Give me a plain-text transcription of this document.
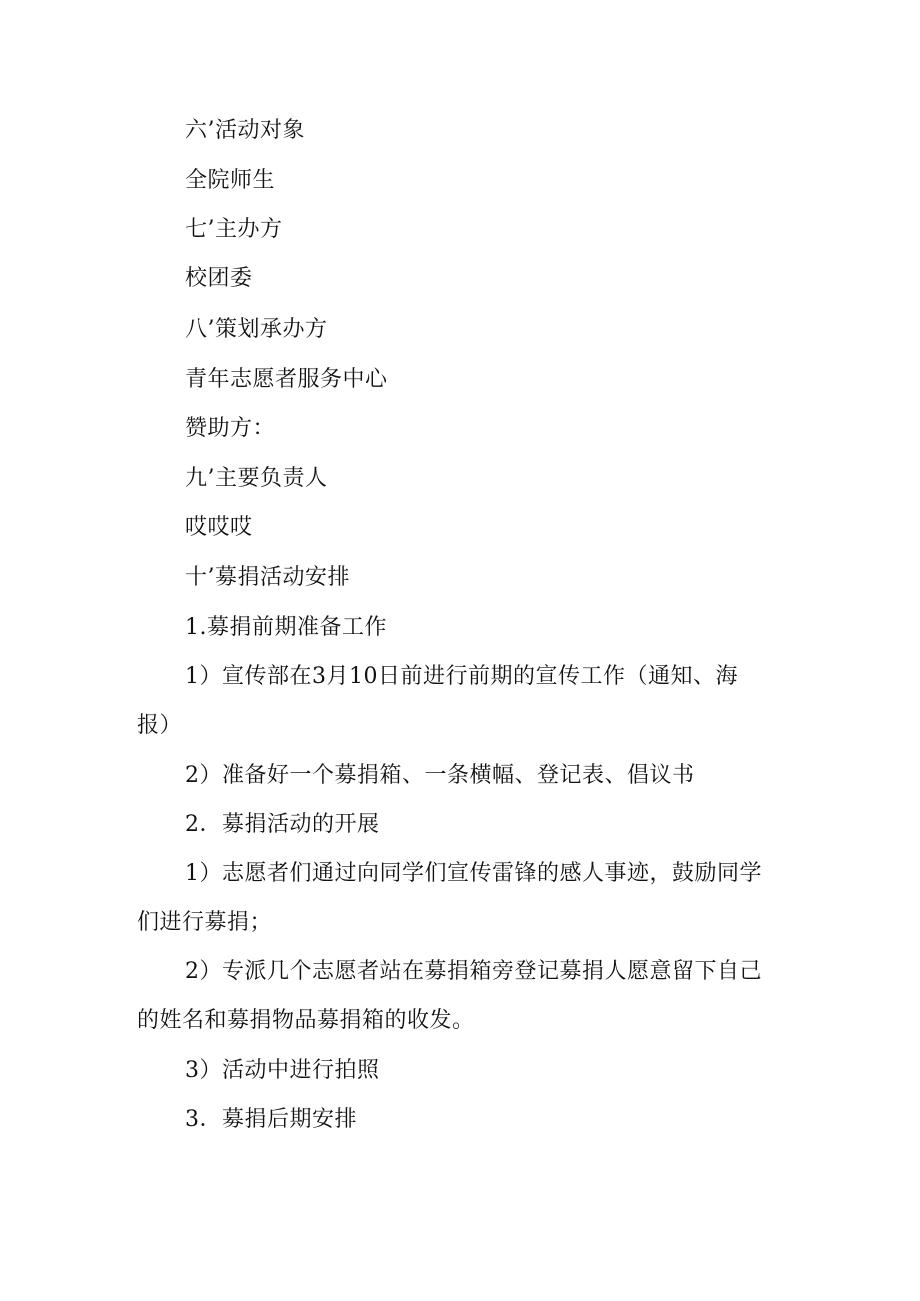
六’活动对象
全院师生
七’主办方
校团委
八’策划承办方
青年志愿者服务中心
赞助方：
九’主要负责人
哎哎哎
十’募捐活动安排
1.募捐前期准备工作
1）宣传部在3月10日前进行前期的宣传工作（通知、海
报）
2）准备好一个募捐箱、一条横幅、登记表、倡议书
2．募捐活动的开展
1）志愿者们通过向同学们宣传雷锋的感人事迹，鼓励同学
们进行募捐；
2）专派几个志愿者站在募捐箱旁登记募捐人愿意留下自己
的姓名和募捐物品募捐箱的收发。
3）活动中进行拍照
3．募捐后期安排
